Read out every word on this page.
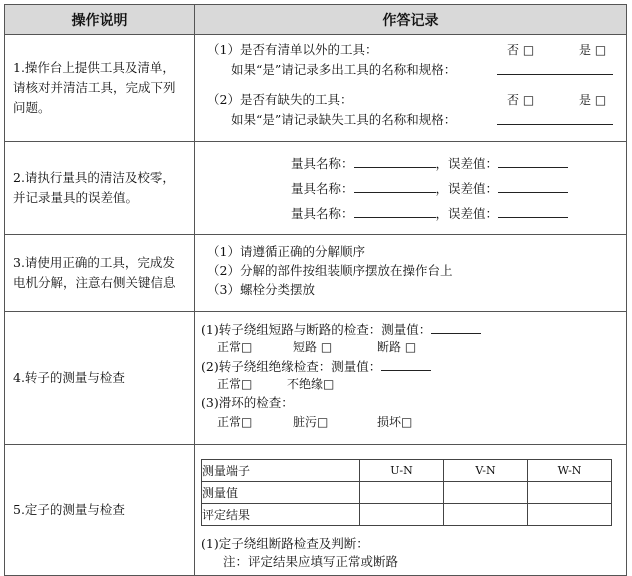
操作说明	作答记录

1.操作台上提供工具及清单，请核对并清洁工具，完成下列问题。

（1）是否有清单以外的工具：	否 □	是 □
如果“是”请记录多出工具的名称和规格：
（2）是否有缺失的工具：	否 □	是 □
如果“是”请记录缺失工具的名称和规格：

2.请执行量具的清洁及校零，并记录量具的误差值。

量具名称：	，误差值：
量具名称：	，误差值：
量具名称：	，误差值：

3.请使用正确的工具，完成发电机分解，注意右侧关键信息

（1）请遵循正确的分解顺序
（2）分解的部件按组装顺序摆放在操作台上
（3）螺栓分类摆放

4.转子的测量与检查

(1)转子绕组短路与断路的检查：测量值：
正常□	短路 □	断路 □
(2)转子绕组绝缘检查：测量值：
正常□	不绝缘□
(3)滑环的检查：
正常□	脏污□	损坏□

5.定子的测量与检查

测量端子	U-N	V-N	W-N
测量值			
评定结果			
(1)定子绕组断路检查及判断：
注：评定结果应填写正常或断路
